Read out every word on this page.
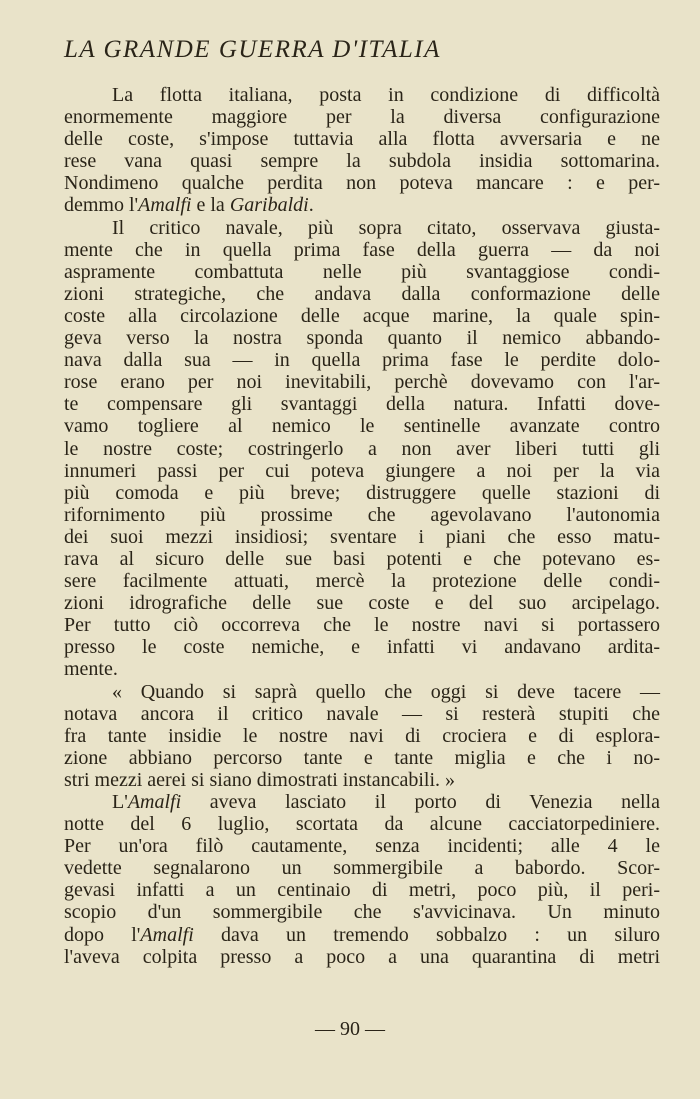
LA GRANDE GUERRA D'ITALIA
La flotta italiana, posta in condizione di difficoltà
enormemente maggiore per la diversa configurazione
delle coste, s'impose tuttavia alla flotta avversaria e ne
rese vana quasi sempre la subdola insidia sottomarina.
Nondimeno qualche perdita non poteva mancare : e per-
demmo l'Amalfi e la Garibaldi.
Il critico navale, più sopra citato, osservava giusta-
mente che in quella prima fase della guerra — da noi
aspramente combattuta nelle più svantaggiose condi-
zioni strategiche, che andava dalla conformazione delle
coste alla circolazione delle acque marine, la quale spin-
geva verso la nostra sponda quanto il nemico abbando-
nava dalla sua — in quella prima fase le perdite dolo-
rose erano per noi inevitabili, perchè dovevamo con l'ar-
te compensare gli svantaggi della natura. Infatti dove-
vamo togliere al nemico le sentinelle avanzate contro
le nostre coste; costringerlo a non aver liberi tutti gli
innumeri passi per cui poteva giungere a noi per la via
più comoda e più breve; distruggere quelle stazioni di
rifornimento più prossime che agevolavano l'autonomia
dei suoi mezzi insidiosi; sventare i piani che esso matu-
rava al sicuro delle sue basi potenti e che potevano es-
sere facilmente attuati, mercè la protezione delle condi-
zioni idrografiche delle sue coste e del suo arcipelago.
Per tutto ciò occorreva che le nostre navi si portassero
presso le coste nemiche, e infatti vi andavano ardita-
mente.
« Quando si saprà quello che oggi si deve tacere —
notava ancora il critico navale — si resterà stupiti che
fra tante insidie le nostre navi di crociera e di esplora-
zione abbiano percorso tante e tante miglia e che i no-
stri mezzi aerei si siano dimostrati instancabili. »
L'Amalfi aveva lasciato il porto di Venezia nella
notte del 6 luglio, scortata da alcune cacciatorpediniere.
Per un'ora filò cautamente, senza incidenti; alle 4 le
vedette segnalarono un sommergibile a babordo. Scor-
gevasi infatti a un centinaio di metri, poco più, il peri-
scopio d'un sommergibile che s'avvicinava. Un minuto
dopo l'Amalfi dava un tremendo sobbalzo : un siluro
l'aveva colpita presso a poco a una quarantina di metri
— 90 —
